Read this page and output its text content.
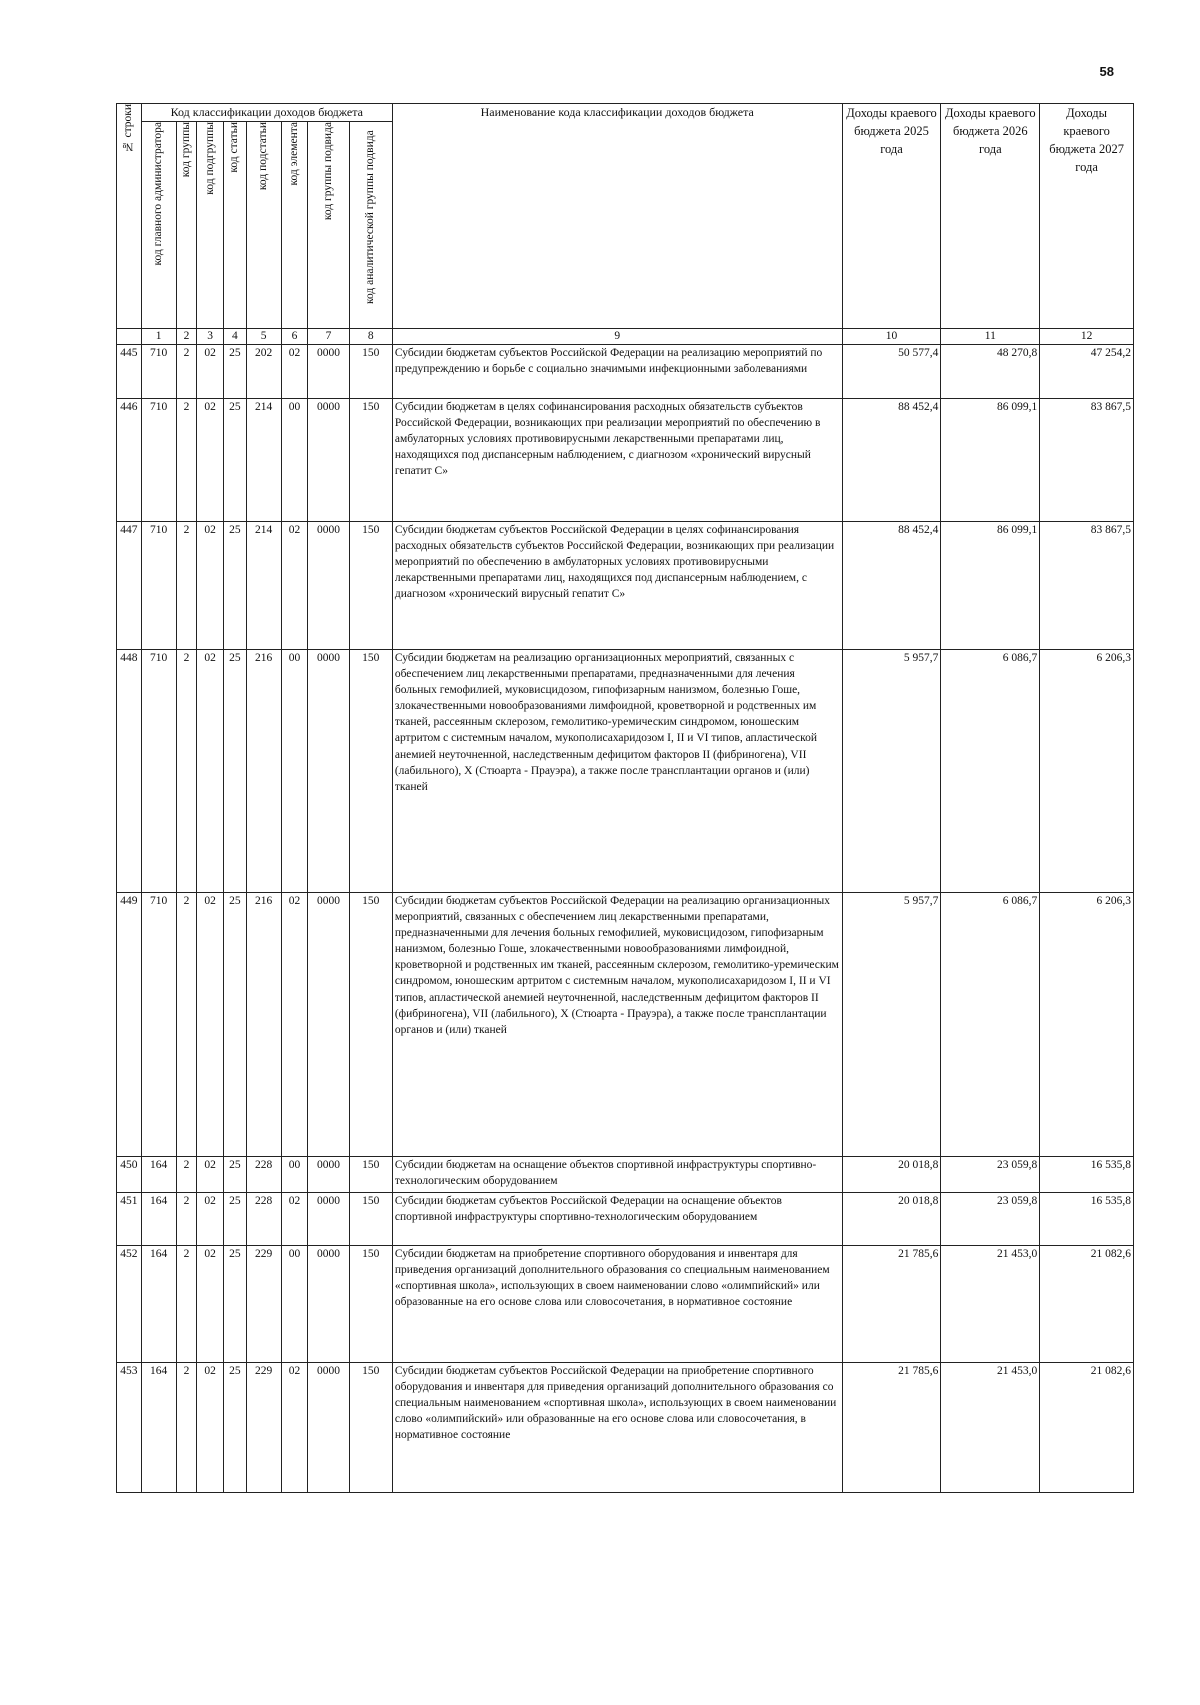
58
№ строки	Код классификации доходов бюджета								Наименование кода классификации доходов бюджета	Доходы краевого бюджета 2025 года	Доходы краевого бюджета 2026 года	Доходы краевого бюджета 2027 года

	код главного администратора	код группы	код подгруппы	код статьи	код подстатьи	код элемента	код группы подвида	код аналитической группы подвида				

	1	2	3	4	5	6	7	8	9	10	11	12
445	710	2	02	25	202	02	0000	150	Субсидии бюджетам субъектов Российской Федерации на реализацию мероприятий по предупреждению и борьбе с социально значимыми инфекционными заболеваниями	50 577,4	48 270,8	47 254,2
446	710	2	02	25	214	00	0000	150	Субсидии бюджетам в целях софинансирования расходных обязательств субъектов Российской Федерации, возникающих при реализации мероприятий по обеспечению в амбулаторных условиях противовирусными лекарственными препаратами лиц, находящихся под диспансерным наблюдением, с диагнозом «хронический вирусный гепатит С»	88 452,4	86 099,1	83 867,5
447	710	2	02	25	214	02	0000	150	Субсидии бюджетам субъектов Российской Федерации в целях софинансирования расходных обязательств субъектов Российской Федерации, возникающих при реализации мероприятий по обеспечению в амбулаторных условиях противовирусными лекарственными препаратами лиц, находящихся под диспансерным наблюдением, с диагнозом «хронический вирусный гепатит С»	88 452,4	86 099,1	83 867,5
448	710	2	02	25	216	00	0000	150	Субсидии бюджетам на реализацию организационных мероприятий, связанных с обеспечением лиц лекарственными препаратами, предназначенными для лечения больных гемофилией, муковисцидозом, гипофизарным нанизмом, болезнью Гоше, злокачественными новообразованиями лимфоидной, кроветворной и родственных им тканей, рассеянным склерозом, гемолитико-уремическим синдромом, юношеским артритом с системным началом, мукополисахаридозом I, II и VI типов, апластической анемией неуточненной, наследственным дефицитом факторов II (фибриногена), VII (лабильного), X (Стюарта - Прауэра), а также после трансплантации органов и (или) тканей	5 957,7	6 086,7	6 206,3
449	710	2	02	25	216	02	0000	150	Субсидии бюджетам субъектов Российской Федерации на реализацию организационных мероприятий, связанных с обеспечением лиц лекарственными препаратами, предназначенными для лечения больных гемофилией, муковисцидозом, гипофизарным нанизмом, болезнью Гоше, злокачественными новообразованиями лимфоидной, кроветворной и родственных им тканей, рассеянным склерозом, гемолитико-уремическим синдромом, юношеским артритом с системным началом, мукополисахаридозом I, II и VI типов, апластической анемией неуточненной, наследственным дефицитом факторов II (фибриногена), VII (лабильного), X (Стюарта - Прауэра), а также после трансплантации органов и (или) тканей	5 957,7	6 086,7	6 206,3
450	164	2	02	25	228	00	0000	150	Субсидии бюджетам на оснащение объектов спортивной инфраструктуры спортивно-технологическим оборудованием	20 018,8	23 059,8	16 535,8
451	164	2	02	25	228	02	0000	150	Субсидии бюджетам субъектов Российской Федерации на оснащение объектов спортивной инфраструктуры спортивно-технологическим оборудованием	20 018,8	23 059,8	16 535,8
452	164	2	02	25	229	00	0000	150	Субсидии бюджетам на приобретение спортивного оборудования и инвентаря для приведения организаций дополнительного образования со специальным наименованием «спортивная школа», использующих в своем наименовании слово «олимпийский» или образованные на его основе слова или словосочетания, в нормативное состояние	21 785,6	21 453,0	21 082,6
453	164	2	02	25	229	02	0000	150	Субсидии бюджетам субъектов Российской Федерации на приобретение спортивного оборудования и инвентаря для приведения организаций дополнительного образования со специальным наименованием «спортивная школа», использующих в своем наименовании слово «олимпийский» или образованные на его основе слова или словосочетания, в нормативное состояние	21 785,6	21 453,0	21 082,6
